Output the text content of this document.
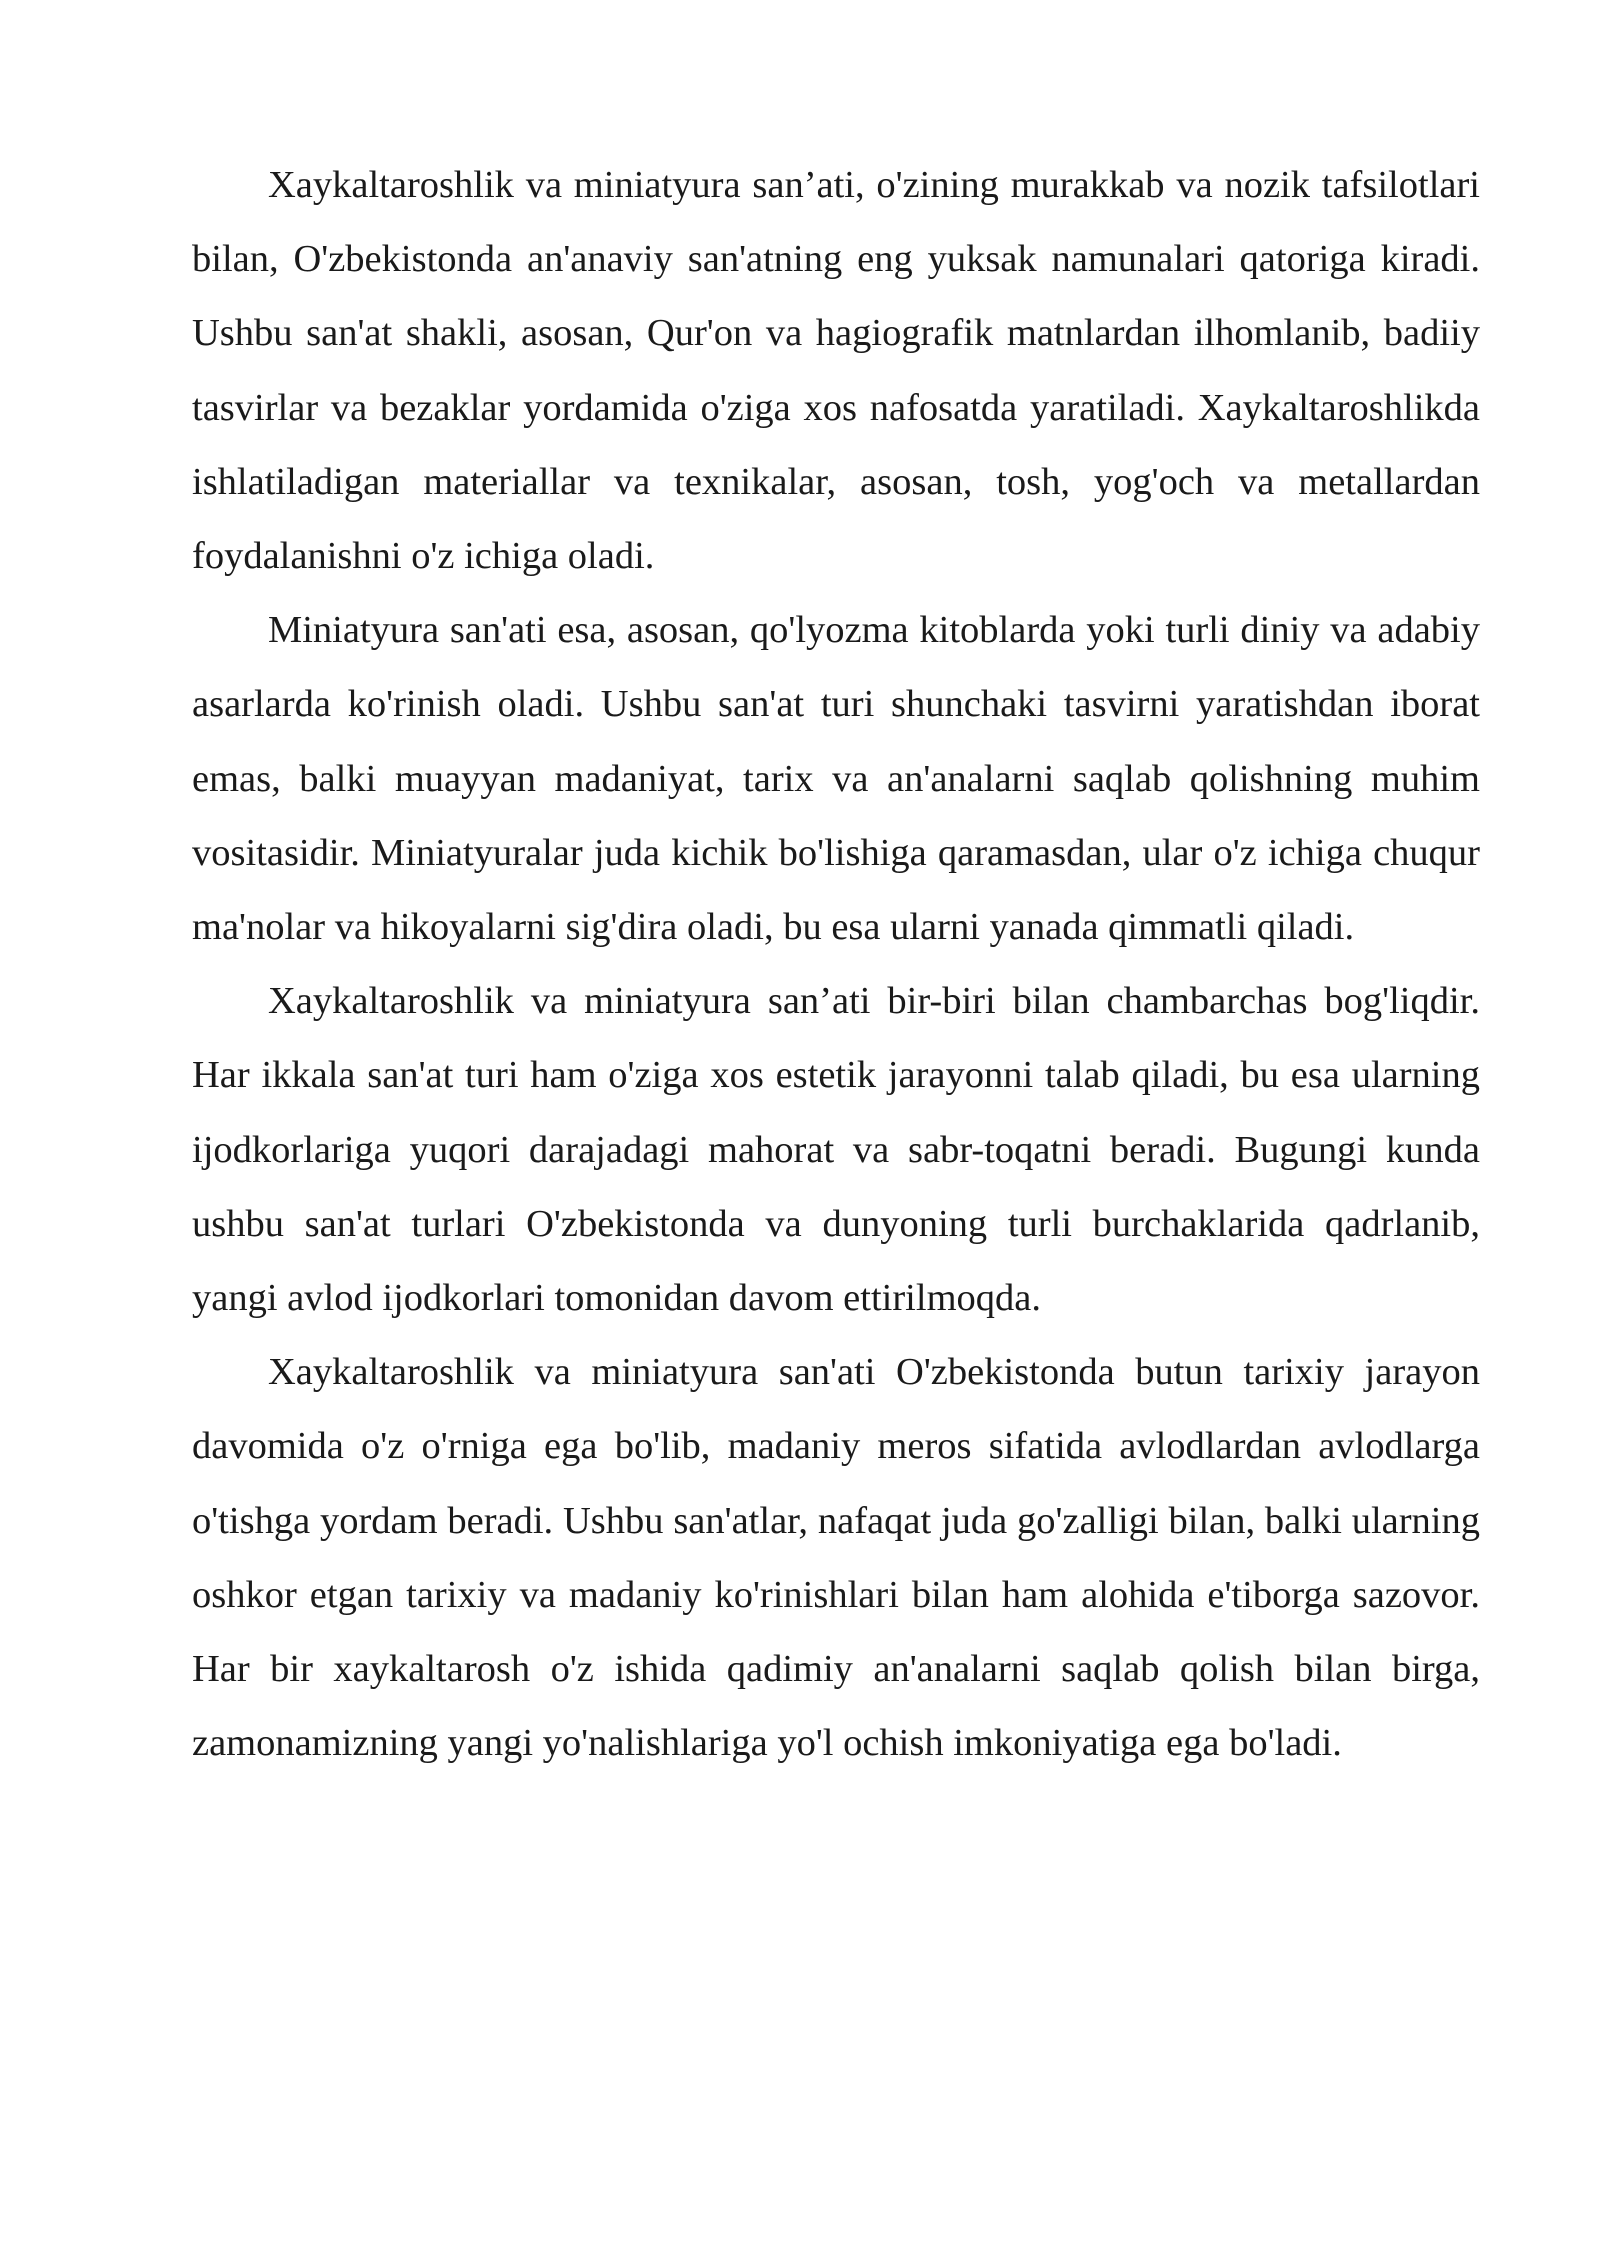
Xaykaltaroshlik va miniatyura san’ati, o'zining murakkab va nozik tafsilotlari bilan, O'zbekistonda an'anaviy san'atning eng yuksak namunalari qatoriga kiradi. Ushbu san'at shakli, asosan, Qur'on va hagiografik matnlardan ilhomlanib, badiiy tasvirlar va bezaklar yordamida o'ziga xos nafosatda yaratiladi. Xaykaltaroshlikda ishlatiladigan materiallar va texnikalar, asosan, tosh, yog'och va metallardan foydalanishni o'z ichiga oladi.

Miniatyura san'ati esa, asosan, qo'lyozma kitoblarda yoki turli diniy va adabiy asarlarda ko'rinish oladi. Ushbu san'at turi shunchaki tasvirni yaratishdan iborat emas, balki muayyan madaniyat, tarix va an'analarni saqlab qolishning muhim vositasidir. Miniatyuralar juda kichik bo'lishiga qaramasdan, ular o'z ichiga chuqur ma'nolar va hikoyalarni sig'dira oladi, bu esa ularni yanada qimmatli qiladi.

Xaykaltaroshlik va miniatyura san’ati bir-biri bilan chambarchas bog'liqdir. Har ikkala san'at turi ham o'ziga xos estetik jarayonni talab qiladi, bu esa ularning ijodkorlariga yuqori darajadagi mahorat va sabr-toqatni beradi. Bugungi kunda ushbu san'at turlari O'zbekistonda va dunyoning turli burchaklarida qadrlanib, yangi avlod ijodkorlari tomonidan davom ettirilmoqda.

Xaykaltaroshlik va miniatyura san'ati O'zbekistonda butun tarixiy jarayon davomida o'z o'rniga ega bo'lib, madaniy meros sifatida avlodlardan avlodlarga o'tishga yordam beradi. Ushbu san'atlar, nafaqat juda go'zalligi bilan, balki ularning oshkor etgan tarixiy va madaniy ko'rinishlari bilan ham alohida e'tiborga sazovor. Har bir xaykaltarosh o'z ishida qadimiy an'analarni saqlab qolish bilan birga, zamonamizning yangi yo'nalishlariga yo'l ochish imkoniyatiga ega bo'ladi.
